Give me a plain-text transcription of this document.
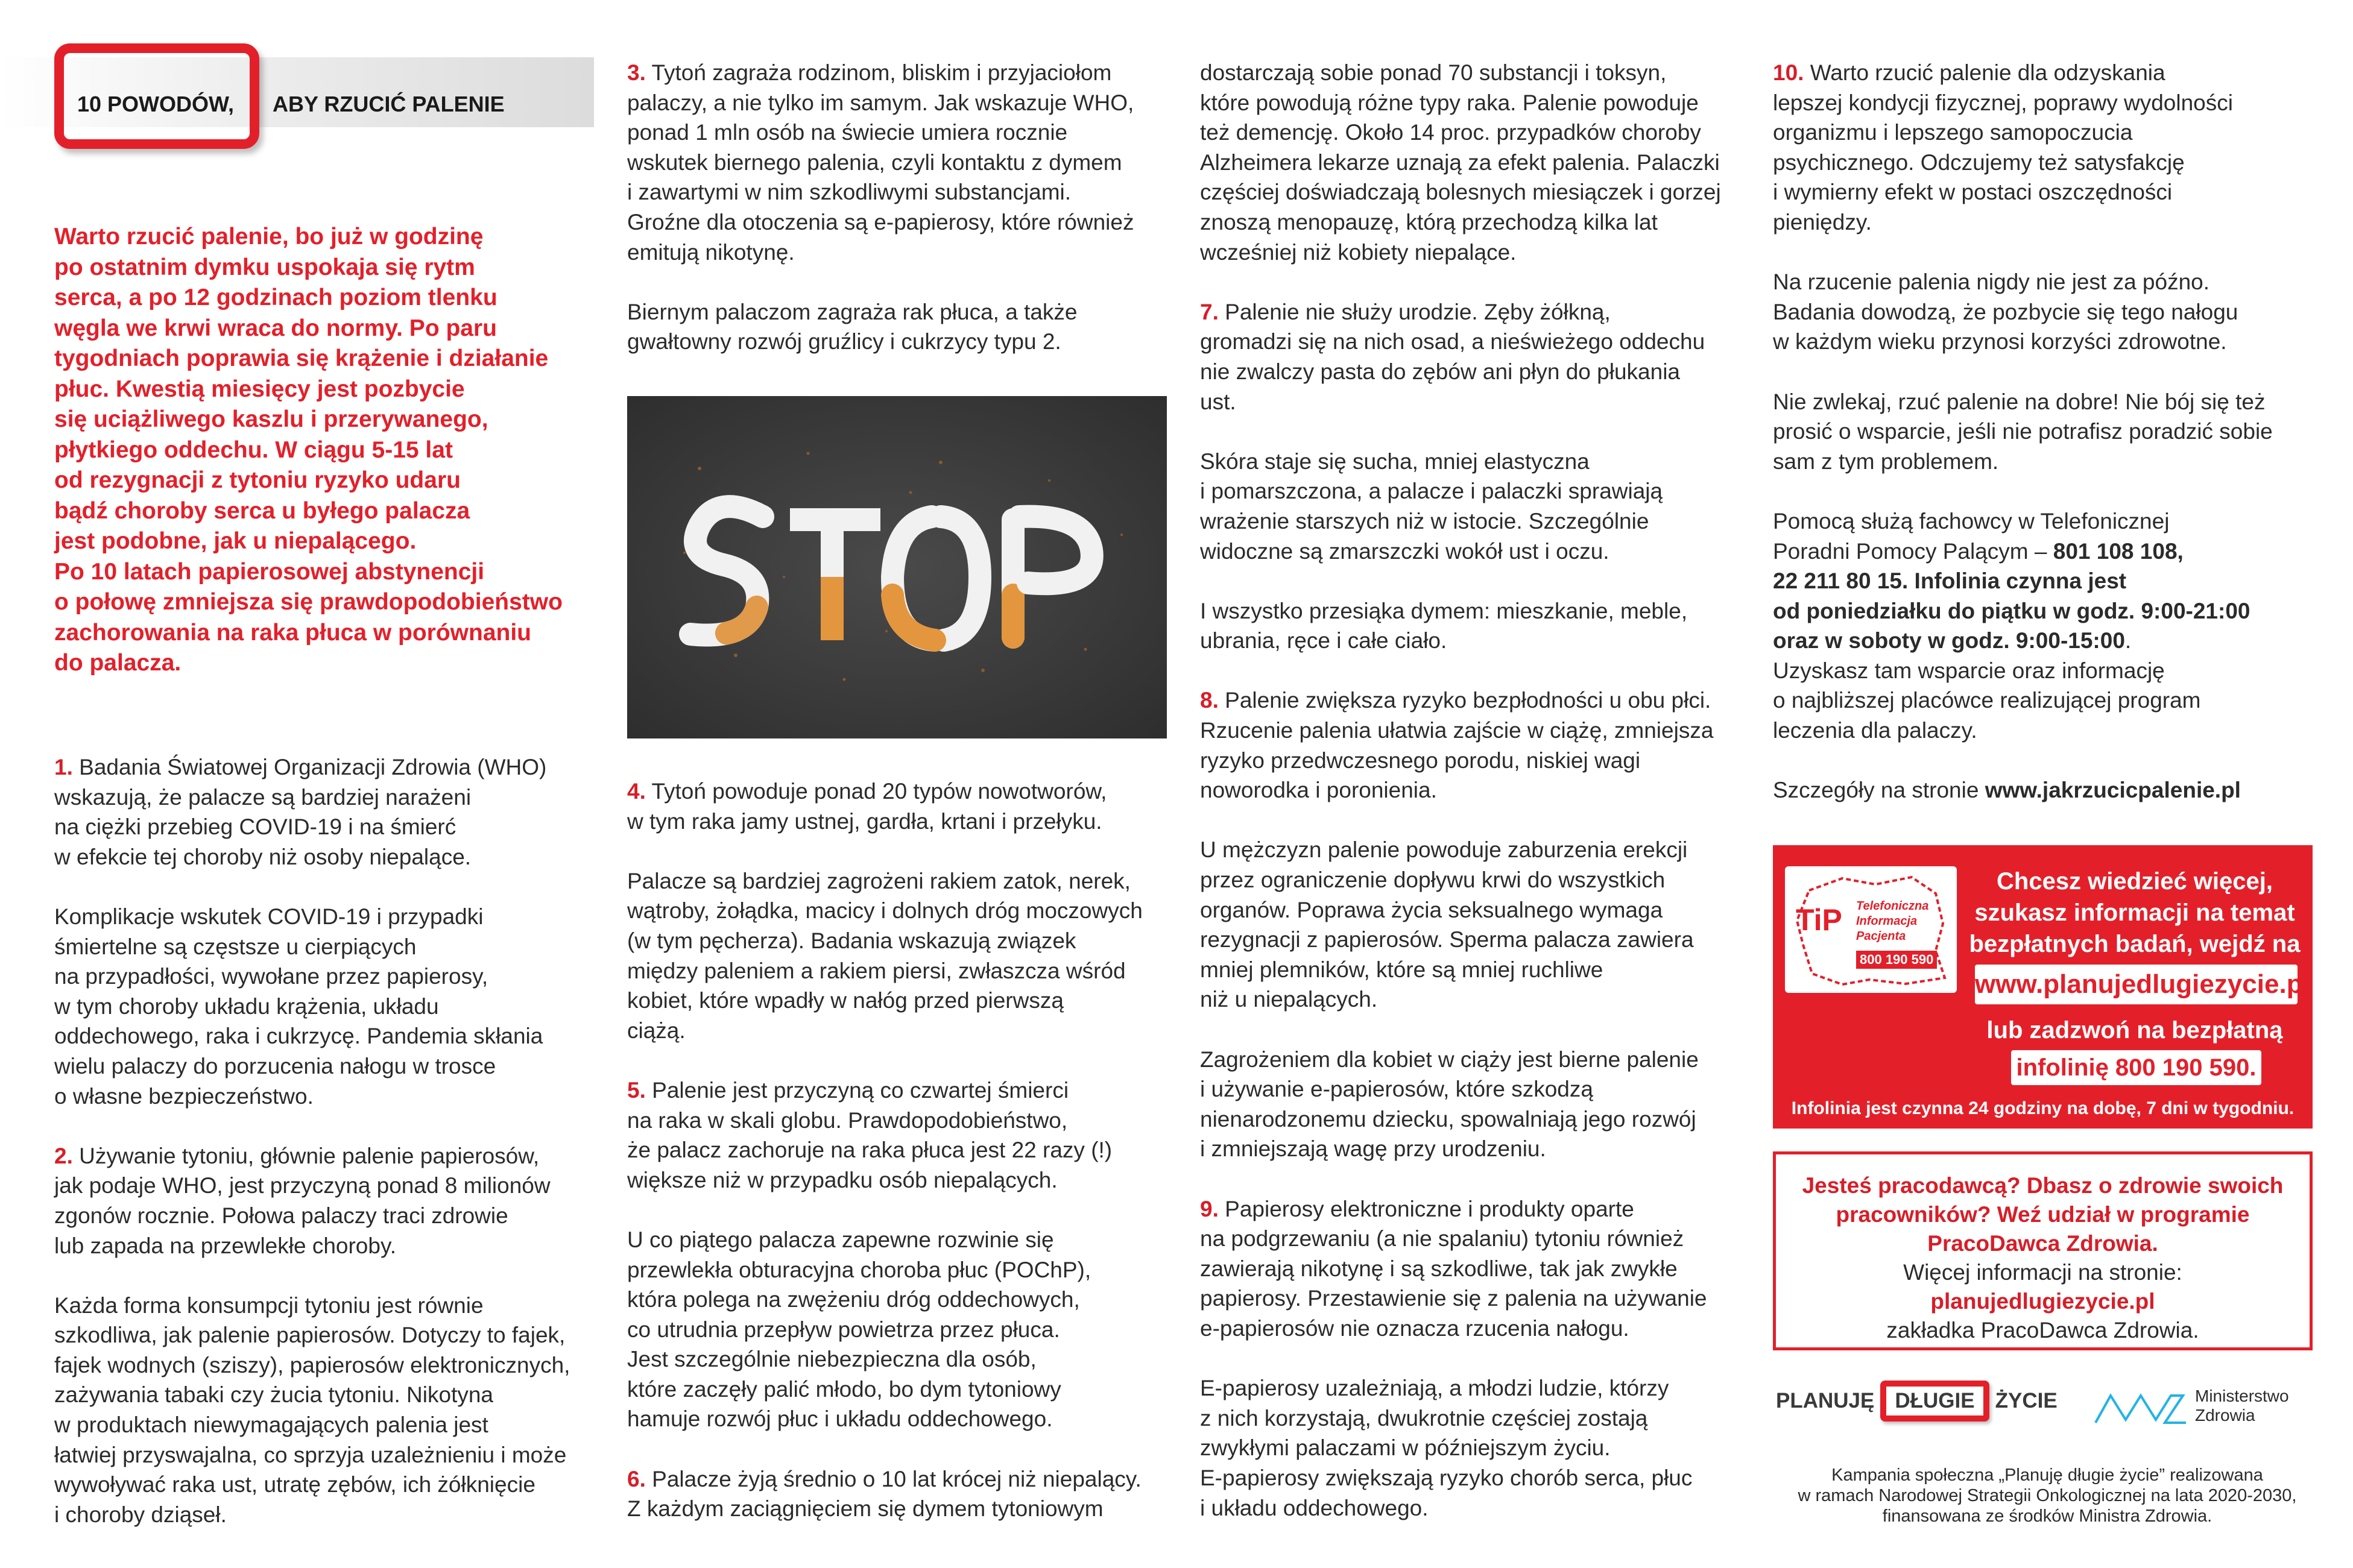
10 POWODÓW, ABY RZUCIĆ PALENIE
Warto rzucić palenie, bo już w godzinę
po ostatnim dymku uspokaja się rytm
serca, a po 12 godzinach poziom tlenku
węgla we krwi wraca do normy. Po paru
tygodniach poprawia się krążenie i działanie
płuc. Kwestią miesięcy jest pozbycie
się uciążliwego kaszlu i przerywanego,
płytkiego oddechu. W ciągu 5-15 lat
od rezygnacji z tytoniu ryzyko udaru
bądź choroby serca u byłego palacza
jest podobne, jak u niepalącego.
Po 10 latach papierosowej abstynencji
o połowę zmniejsza się prawdopodobieństwo
zachorowania na raka płuca w porównaniu
do palacza.

1. Badania Światowej Organizacji Zdrowia (WHO)
wskazują, że palacze są bardziej narażeni
na ciężki przebieg COVID-19 i na śmierć
w efekcie tej choroby niż osoby niepalące.

Komplikacje wskutek COVID-19 i przypadki
śmiertelne są częstsze u cierpiących
na przypadłości, wywołane przez papierosy,
w tym choroby układu krążenia, układu
oddechowego, raka i cukrzycę. Pandemia skłania
wielu palaczy do porzucenia nałogu w trosce
o własne bezpieczeństwo.

2. Używanie tytoniu, głównie palenie papierosów,
jak podaje WHO, jest przyczyną ponad 8 milionów
zgonów rocznie. Połowa palaczy traci zdrowie
lub zapada na przewlekłe choroby.

Każda forma konsumpcji tytoniu jest równie
szkodliwa, jak palenie papierosów. Dotyczy to fajek,
fajek wodnych (sziszy), papierosów elektronicznych,
zażywania tabaki czy żucia tytoniu. Nikotyna
w produktach niewymagających palenia jest
łatwiej przyswajalna, co sprzyja uzależnieniu i może
wywoływać raka ust, utratę zębów, ich żółknięcie
i choroby dziąseł.

3. Tytoń zagraża rodzinom, bliskim i przyjaciołom
palaczy, a nie tylko im samym. Jak wskazuje WHO,
ponad 1 mln osób na świecie umiera rocznie
wskutek biernego palenia, czyli kontaktu z dymem
i zawartymi w nim szkodliwymi substancjami.
Groźne dla otoczenia są e-papierosy, które również
emitują nikotynę.

Biernym palaczom zagraża rak płuca, a także
gwałtowny rozwój gruźlicy i cukrzycy typu 2.

4. Tytoń powoduje ponad 20 typów nowotworów,
w tym raka jamy ustnej, gardła, krtani i przełyku.

Palacze są bardziej zagrożeni rakiem zatok, nerek,
wątroby, żołądka, macicy i dolnych dróg moczowych
(w tym pęcherza). Badania wskazują związek
między paleniem a rakiem piersi, zwłaszcza wśród
kobiet, które wpadły w nałóg przed pierwszą
ciążą.

5. Palenie jest przyczyną co czwartej śmierci
na raka w skali globu. Prawdopodobieństwo,
że palacz zachoruje na raka płuca jest 22 razy (!)
większe niż w przypadku osób niepalących.

U co piątego palacza zapewne rozwinie się
przewlekła obturacyjna choroba płuc (POChP),
która polega na zwężeniu dróg oddechowych,
co utrudnia przepływ powietrza przez płuca.
Jest szczególnie niebezpieczna dla osób,
które zaczęły palić młodo, bo dym tytoniowy
hamuje rozwój płuc i układu oddechowego.

6. Palacze żyją średnio o 10 lat krócej niż niepalący.
Z każdym zaciągnięciem się dymem tytoniowym

dostarczają sobie ponad 70 substancji i toksyn,
które powodują różne typy raka. Palenie powoduje
też demencję. Około 14 proc. przypadków choroby
Alzheimera lekarze uznają za efekt palenia. Palaczki
częściej doświadczają bolesnych miesiączek i gorzej
znoszą menopauzę, którą przechodzą kilka lat
wcześniej niż kobiety niepalące.

7. Palenie nie służy urodzie. Zęby żółkną,
gromadzi się na nich osad, a nieświeżego oddechu
nie zwalczy pasta do zębów ani płyn do płukania
ust.

Skóra staje się sucha, mniej elastyczna
i pomarszczona, a palacze i palaczki sprawiają
wrażenie starszych niż w istocie. Szczególnie
widoczne są zmarszczki wokół ust i oczu.

I wszystko przesiąka dymem: mieszkanie, meble,
ubrania, ręce i całe ciało.

8. Palenie zwiększa ryzyko bezpłodności u obu płci.
Rzucenie palenia ułatwia zajście w ciążę, zmniejsza
ryzyko przedwczesnego porodu, niskiej wagi
noworodka i poronienia.

U mężczyzn palenie powoduje zaburzenia erekcji
przez ograniczenie dopływu krwi do wszystkich
organów. Poprawa życia seksualnego wymaga
rezygnacji z papierosów. Sperma palacza zawiera
mniej plemników, które są mniej ruchliwe
niż u niepalących.

Zagrożeniem dla kobiet w ciąży jest bierne palenie
i używanie e-papierosów, które szkodzą
nienarodzonemu dziecku, spowalniają jego rozwój
i zmniejszają wagę przy urodzeniu.

9. Papierosy elektroniczne i produkty oparte
na podgrzewaniu (a nie spalaniu) tytoniu również
zawierają nikotynę i są szkodliwe, tak jak zwykłe
papierosy. Przestawienie się z palenia na używanie
e-papierosów nie oznacza rzucenia nałogu.

E-papierosy uzależniają, a młodzi ludzie, którzy
z nich korzystają, dwukrotnie częściej zostają
zwykłymi palaczami w późniejszym życiu.
E-papierosy zwiększają ryzyko chorób serca, płuc
i układu oddechowego.

10. Warto rzucić palenie dla odzyskania
lepszej kondycji fizycznej, poprawy wydolności
organizmu i lepszego samopoczucia
psychicznego. Odczujemy też satysfakcję
i wymierny efekt w postaci oszczędności
pieniędzy.

Na rzucenie palenia nigdy nie jest za późno.
Badania dowodzą, że pozbycie się tego nałogu
w każdym wieku przynosi korzyści zdrowotne.

Nie zwlekaj, rzuć palenie na dobre! Nie bój się też
prosić o wsparcie, jeśli nie potrafisz poradzić sobie
sam z tym problemem.

Pomocą służą fachowcy w Telefonicznej
Poradni Pomocy Palącym – 801 108 108,
22 211 80 15. Infolinia czynna jest
od poniedziałku do piątku w godz. 9:00-21:00
oraz w soboty w godz. 9:00-15:00.
Uzyskasz tam wsparcie oraz informację
o najbliższej placówce realizującej program
leczenia dla palaczy.

Szczegóły na stronie www.jakrzucicpalenie.pl

TiP Telefoniczna
Informacja
Pacjenta
800 190 590
Chcesz wiedzieć więcej,
szukasz informacji na temat
bezpłatnych badań, wejdź na
www.planujedlugiezycie.pl
lub zadzwoń na bezpłatną
infolinię 800 190 590.
Infolinia jest czynna 24 godziny na dobę, 7 dni w tygodniu.
Jesteś pracodawcą? Dbasz o zdrowie swoich
pracowników? Weź udział w programie
PracoDawca Zdrowia.
Więcej informacji na stronie:
planujedlugiezycie.pl
zakładka PracoDawca Zdrowia.
PLANUJĘ DŁUGIE ŻYCIE	Ministerstwo
Zdrowia
Kampania społeczna „Planuję długie życie” realizowana
w ramach Narodowej Strategii Onkologicznej na lata 2020-2030,
finansowana ze środków Ministra Zdrowia.
